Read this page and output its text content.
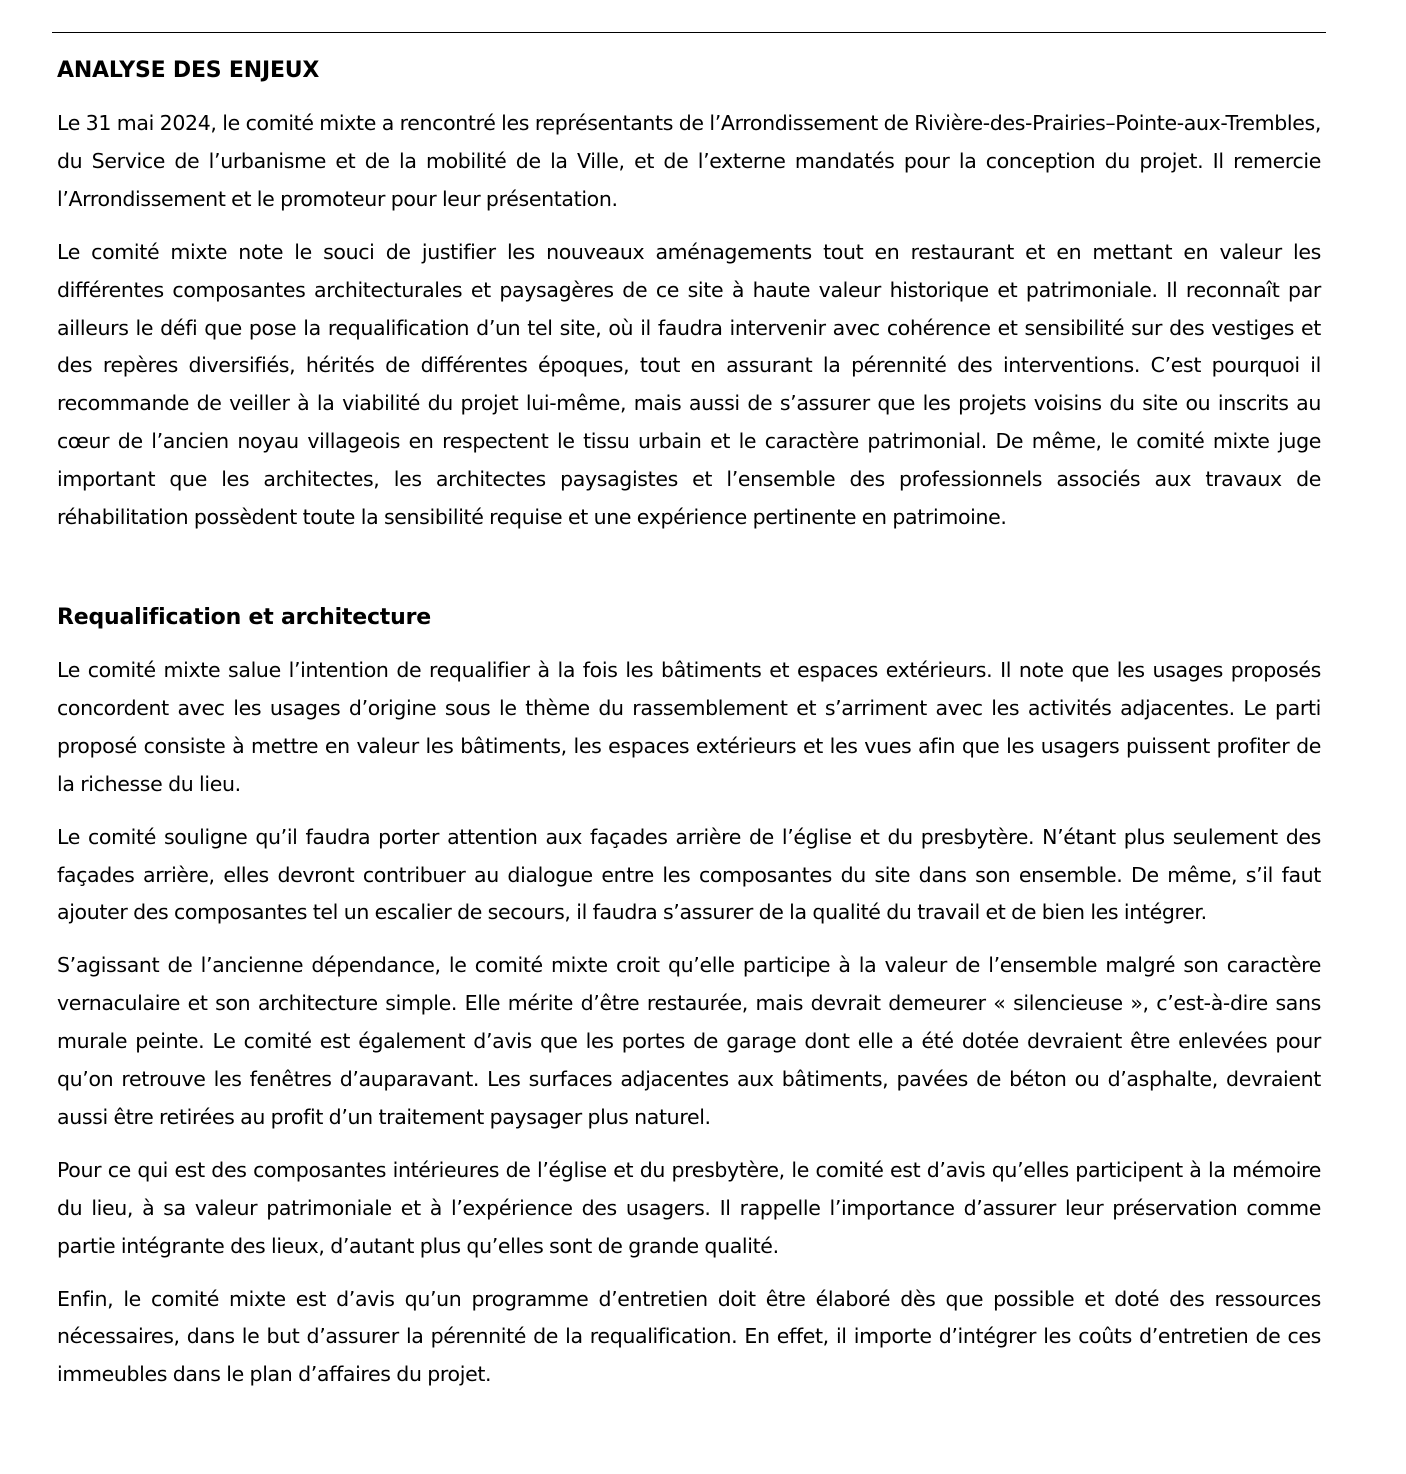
ANALYSE DES ENJEUX

Le 31 mai 2024, le comité mixte a rencontré les représentants de l’Arrondissement de Rivière-des-Prairies–Pointe-aux-Trembles, du Service de l’urbanisme et de la mobilité de la Ville, et de l’externe mandatés pour la conception du projet. Il remercie l’Arrondissement et le promoteur pour leur présentation.

Le comité mixte note le souci de justifier les nouveaux aménagements tout en restaurant et en mettant en valeur les différentes composantes architecturales et paysagères de ce site à haute valeur historique et patrimoniale. Il reconnaît par ailleurs le défi que pose la requalification d’un tel site, où il faudra intervenir avec cohérence et sensibilité sur des vestiges et des repères diversifiés, hérités de différentes époques, tout en assurant la pérennité des interventions. C’est pourquoi il recommande de veiller à la viabilité du projet lui-même, mais aussi de s’assurer que les projets voisins du site ou inscrits au cœur de l’ancien noyau villageois en respectent le tissu urbain et le caractère patrimonial. De même, le comité mixte juge important que les architectes, les architectes paysagistes et l’ensemble des professionnels associés aux travaux de réhabilitation possèdent toute la sensibilité requise et une expérience pertinente en patrimoine.

Requalification et architecture

Le comité mixte salue l’intention de requalifier à la fois les bâtiments et espaces extérieurs. Il note que les usages proposés concordent avec les usages d’origine sous le thème du rassemblement et s’arriment avec les activités adjacentes. Le parti proposé consiste à mettre en valeur les bâtiments, les espaces extérieurs et les vues afin que les usagers puissent profiter de la richesse du lieu.

Le comité souligne qu’il faudra porter attention aux façades arrière de l’église et du presbytère. N’étant plus seulement des façades arrière, elles devront contribuer au dialogue entre les composantes du site dans son ensemble. De même, s’il faut ajouter des composantes tel un escalier de secours, il faudra s’assurer de la qualité du travail et de bien les intégrer.

S’agissant de l’ancienne dépendance, le comité mixte croit qu’elle participe à la valeur de l’ensemble malgré son caractère vernaculaire et son architecture simple. Elle mérite d’être restaurée, mais devrait demeurer « silencieuse », c’est-à-dire sans murale peinte. Le comité est également d’avis que les portes de garage dont elle a été dotée devraient être enlevées pour qu’on retrouve les fenêtres d’auparavant. Les surfaces adjacentes aux bâtiments, pavées de béton ou d’asphalte, devraient aussi être retirées au profit d’un traitement paysager plus naturel.

Pour ce qui est des composantes intérieures de l’église et du presbytère, le comité est d’avis qu’elles participent à la mémoire du lieu, à sa valeur patrimoniale et à l’expérience des usagers. Il rappelle l’importance d’assurer leur préservation comme partie intégrante des lieux, d’autant plus qu’elles sont de grande qualité.

Enfin, le comité mixte est d’avis qu’un programme d’entretien doit être élaboré dès que possible et doté des ressources nécessaires, dans le but d’assurer la pérennité de la requalification. En effet, il importe d’intégrer les coûts d’entretien de ces immeubles dans le plan d’affaires du projet.
